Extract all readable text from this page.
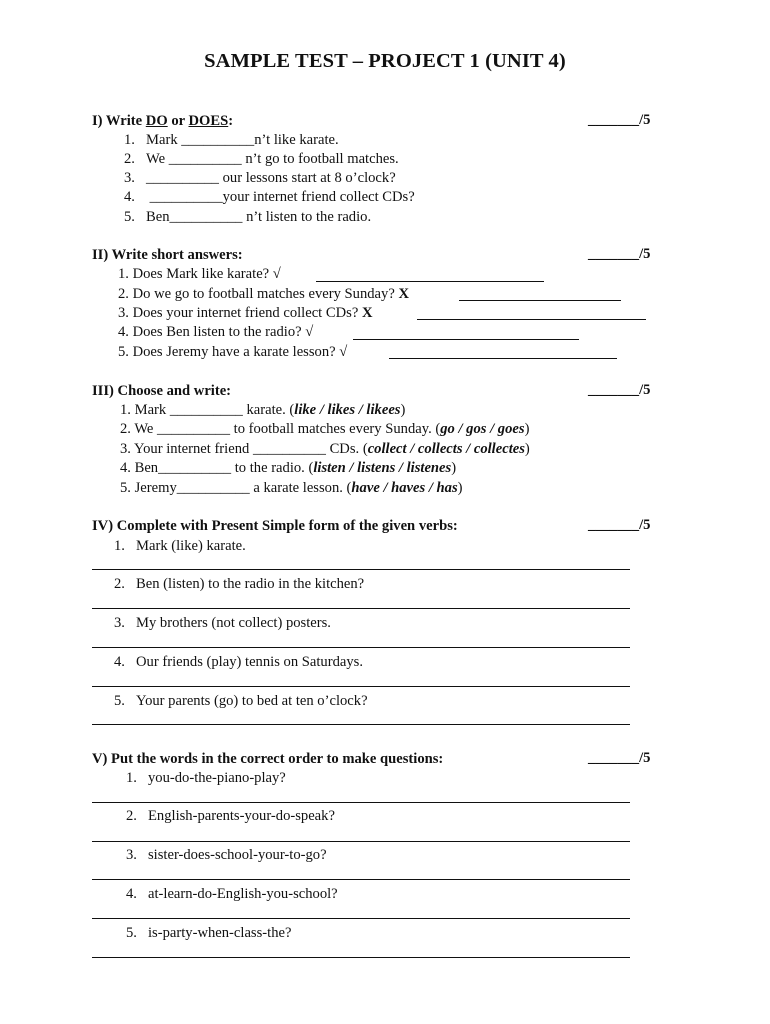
SAMPLE TEST – PROJECT 1 (UNIT 4)
I) Write DO or DOES:	_______/5
1. Mark __________n’t like karate.
2. We __________ n’t go to football matches.
3. __________ our lessons start at 8 o’clock?
4. __________your internet friend collect CDs?
5. Ben__________ n’t listen to the radio.
II) Write short answers:	_______/5
1. Does Mark like karate? √
2. Do we go to football matches every Sunday? X
3. Does your internet friend collect CDs? X
4. Does Ben listen to the radio? √
5. Does Jeremy have a karate lesson? √
III) Choose and write:	_______/5
1. Mark __________ karate. (like / likes / likees)
2. We __________ to football matches every Sunday. (go / gos / goes)
3. Your internet friend __________ CDs. (collect / collects / collectes)
4. Ben__________ to the radio. (listen / listens / listenes)
5. Jeremy__________ a karate lesson. (have / haves / has)
IV) Complete with Present Simple form of the given verbs:	_______/5
1. Mark (like) karate.
2. Ben (listen) to the radio in the kitchen?
3. My brothers (not collect) posters.
4. Our friends (play) tennis on Saturdays.
5. Your parents (go) to bed at ten o’clock?
V) Put the words in the correct order to make questions:	_______/5
1. you-do-the-piano-play?
2. English-parents-your-do-speak?
3. sister-does-school-your-to-go?
4. at-learn-do-English-you-school?
5. is-party-when-class-the?
